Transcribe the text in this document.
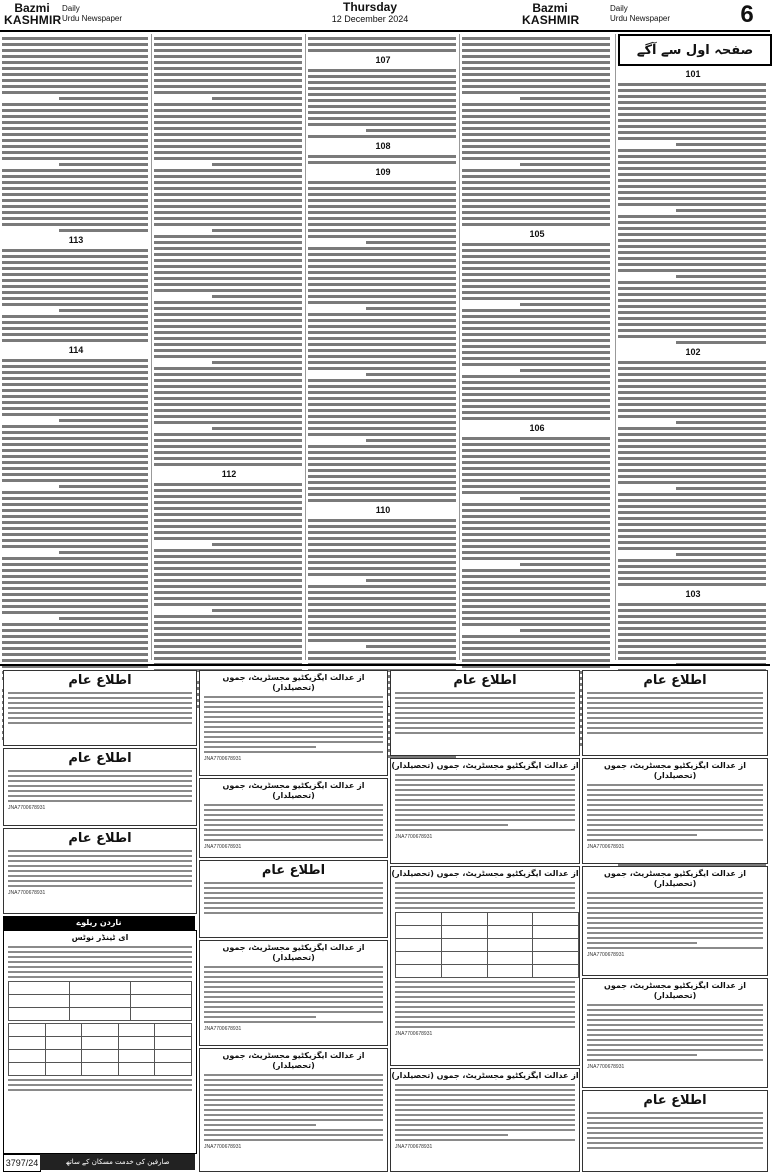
Bazmi
KASHMIR
Daily
Urdu Newspaper
Thursday
12 December 2024
Bazmi
KASHMIR
Daily
Urdu Newspaper	6
صفحہ اول سے آگے
101
102
103
105
106
107
108
109
110
112
113
114
اطلاع عام
از عدالت ایگزیکٹیو مجسٹریٹ، جموں (تحصیلدار)
JNA7700678931
از عدالت ایگزیکٹیو مجسٹریٹ، جموں (تحصیلدار)
JNA7700678931
از عدالت ایگزیکٹیو مجسٹریٹ، جموں (تحصیلدار)
JNA7700678931
اطلاع عام
اطلاع عام
از عدالت ایگزیکٹیو مجسٹریٹ، جموں (تحصیلدار)
JNA7700678931
از عدالت ایگزیکٹیو مجسٹریٹ، جموں (تحصیلدار)

JNA7700678931
از عدالت ایگزیکٹیو مجسٹریٹ، جموں (تحصیلدار)
JNA7700678931
از عدالت ایگزیکٹیو مجسٹریٹ، جموں (تحصیلدار)
JNA7700678931
از عدالت ایگزیکٹیو مجسٹریٹ، جموں (تحصیلدار)
JNA7700678931
اطلاع عام
از عدالت ایگزیکٹیو مجسٹریٹ، جموں (تحصیلدار)
JNA7700678931
از عدالت ایگزیکٹیو مجسٹریٹ، جموں (تحصیلدار)
JNA7700678931
اطلاع عام
اطلاع عام
JNA7700678931
اطلاع عام
JNA7700678931
ناردن ریلوے
ای ٹینڈر نوٹس

3797/24	صارفین کی خدمت مسکان کے ساتھ
